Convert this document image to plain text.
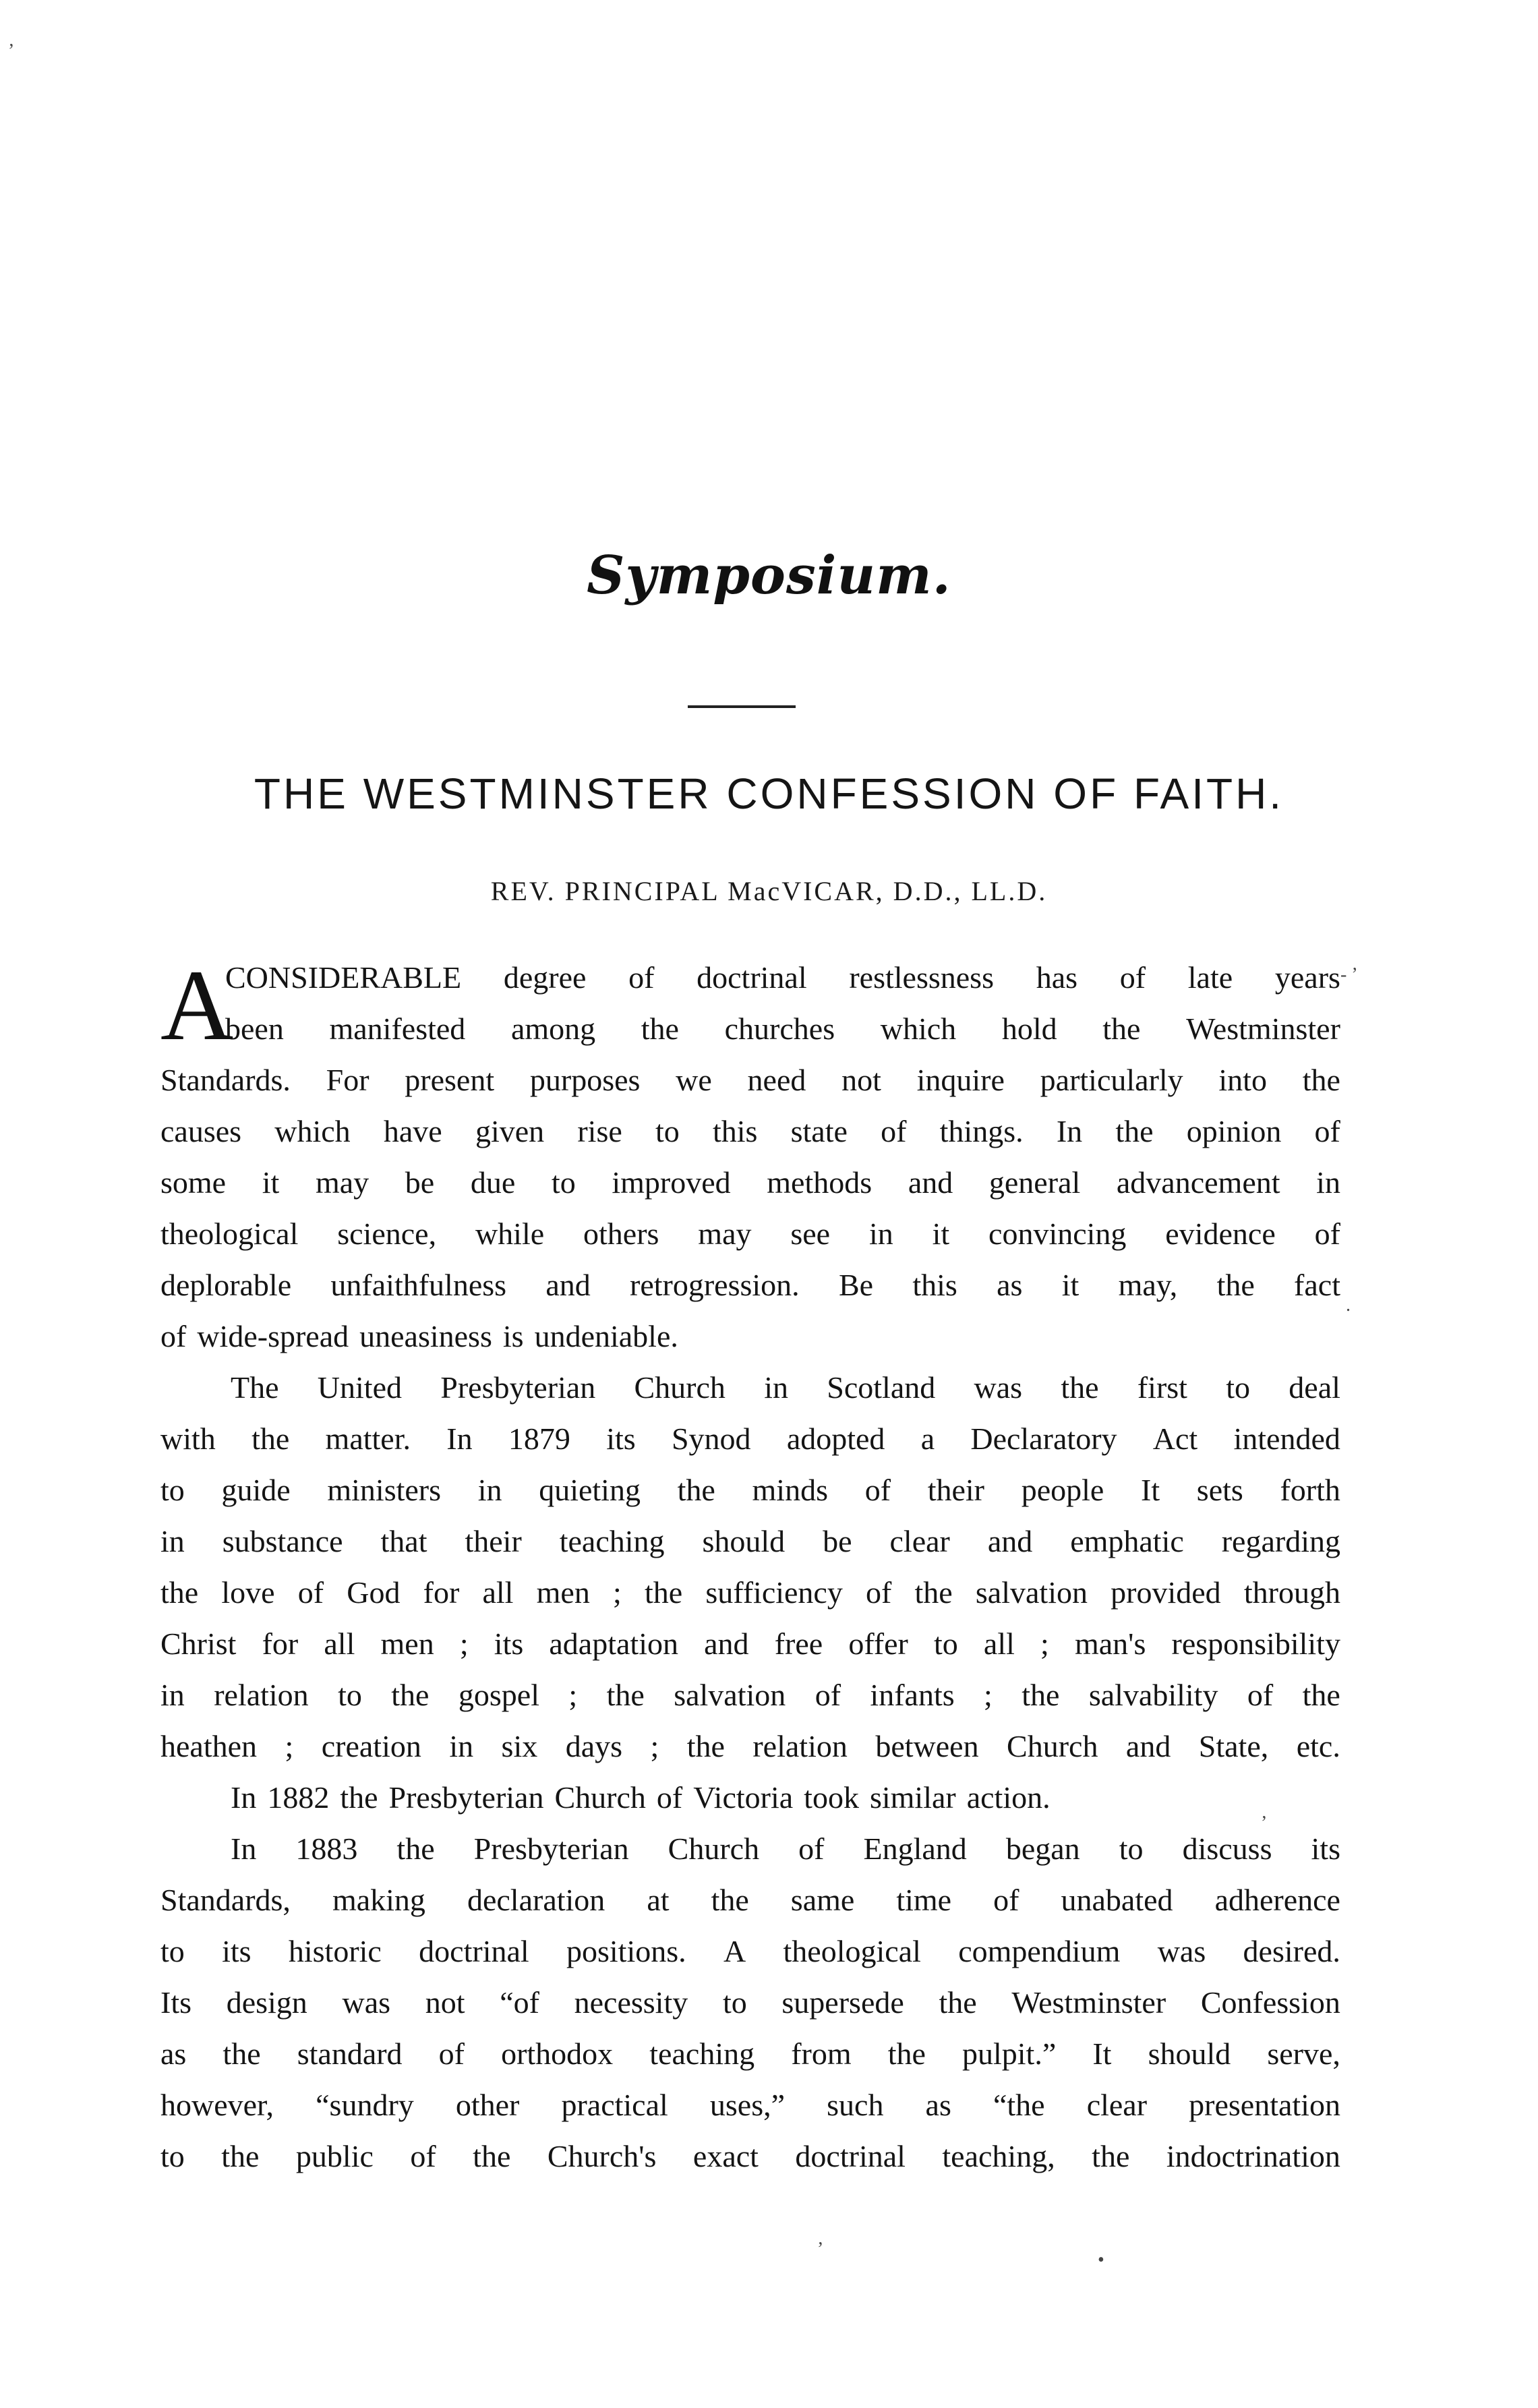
Symposium.
THE WESTMINSTER CONFESSION OF FAITH.
REV. PRINCIPAL MacVICAR, D.D., LL.D.
A
CONSIDERABLE degree of doctrinal restlessness has of late years
been manifested among the churches which hold the Westminster
Standards. For present purposes we need not inquire particularly into the
causes which have given rise to this state of things. In the opinion of
some it may be due to improved methods and general advancement in
theological science, while others may see in it convincing evidence of
deplorable unfaithfulness and retrogression. Be this as it may, the fact
of wide-spread uneasiness is undeniable.
The United Presbyterian Church in Scotland was the first to deal
with the matter. In 1879 its Synod adopted a Declaratory Act intended
to guide ministers in quieting the minds of their people It sets forth
in substance that their teaching should be clear and emphatic regarding
the love of God for all men ; the sufficiency of the salvation provided through
Christ for all men ; its adaptation and free offer to all ; man's responsibility
in relation to the gospel ; the salvation of infants ; the salvability of the
heathen ; creation in six days ; the relation between Church and State, etc.
In 1882 the Presbyterian Church of Victoria took similar action.
In 1883 the Presbyterian Church of England began to discuss its
Standards, making declaration at the same time of unabated adherence
to its historic doctrinal positions. A theological compendium was desired.
Its design was not “of necessity to supersede the Westminster Confession
as the standard of orthodox teaching from the pulpit.” It should serve,
however, “sundry other practical uses,” such as “the clear presentation
to the public of the Church's exact doctrinal teaching, the indoctrination
’
- ’
.
’
’
•
